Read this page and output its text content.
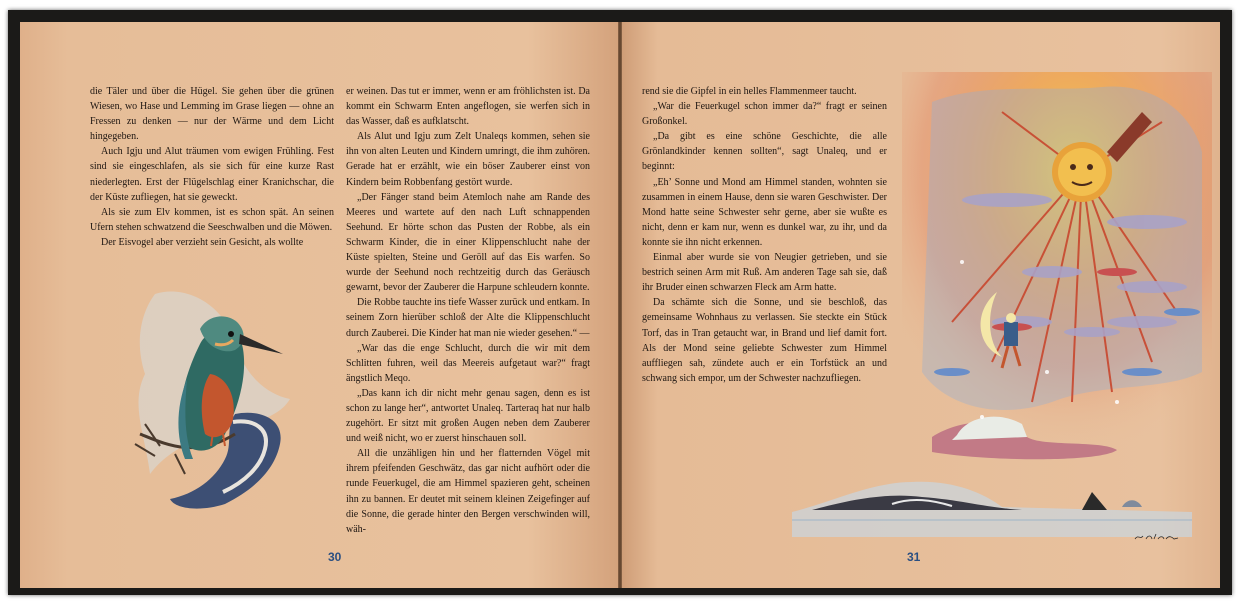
die Täler und über die Hügel. Sie gehen über die grünen Wiesen, wo Hase und Lemming im Grase liegen — ohne an Fressen zu denken — nur der Wärme und dem Licht hingegeben.

Auch Igju und Alut träumen vom ewigen Frühling. Fest sind sie eingeschlafen, als sie sich für eine kurze Rast niederlegten. Erst der Flügelschlag einer Kranichschar, die der Küste zufliegen, hat sie geweckt.

Als sie zum Elv kommen, ist es schon spät. An seinen Ufern stehen schwatzend die Seeschwalben und die Möwen.

Der Eisvogel aber verzieht sein Gesicht, als wollte

er weinen. Das tut er immer, wenn er am fröhlichsten ist. Da kommt ein Schwarm Enten angeflogen, sie werfen sich in das Wasser, daß es aufklatscht.

Als Alut und Igju zum Zelt Unaleqs kommen, sehen sie ihn von alten Leuten und Kindern umringt, die ihm zuhören. Gerade hat er erzählt, wie ein böser Zauberer einst von Kindern beim Robbenfang gestört wurde.

„Der Fänger stand beim Atemloch nahe am Rande des Meeres und wartete auf den nach Luft schnappenden Seehund. Er hörte schon das Pusten der Robbe, als ein Schwarm Kinder, die in einer Klippenschlucht nahe der Küste spielten, Steine und Geröll auf das Eis warfen. So wurde der Seehund noch rechtzeitig durch das Geräusch gewarnt, bevor der Zauberer die Harpune schleudern konnte.

Die Robbe tauchte ins tiefe Wasser zurück und entkam. In seinem Zorn hierüber schloß der Alte die Klippenschlucht durch Zauberei. Die Kinder hat man nie wieder gesehen.“ —

„War das die enge Schlucht, durch die wir mit dem Schlitten fuhren, weil das Meereis aufgetaut war?“ fragt ängstlich Meqo.

„Das kann ich dir nicht mehr genau sagen, denn es ist schon zu lange her“, antwortet Unaleq. Tarteraq hat nur halb zugehört. Er sitzt mit großen Augen neben dem Zauberer und weiß nicht, wo er zuerst hinschauen soll.

All die unzähligen hin und her flatternden Vögel mit ihrem pfeifenden Geschwätz, das gar nicht aufhört oder die runde Feuerkugel, die am Himmel spazieren geht, scheinen ihn zu bannen. Er deutet mit seinem kleinen Zeigefinger auf die Sonne, die gerade hinter den Bergen verschwinden will, wäh-

30

rend sie die Gipfel in ein helles Flammenmeer taucht.

„War die Feuerkugel schon immer da?“ fragt er seinen Großonkel.

„Da gibt es eine schöne Geschichte, die alle Grönlandkinder kennen sollten“, sagt Unaleq, und er beginnt:

„Eh’ Sonne und Mond am Himmel standen, wohnten sie zusammen in einem Hause, denn sie waren Geschwister. Der Mond hatte seine Schwester sehr gerne, aber sie wußte es nicht, denn er kam nur, wenn es dunkel war, zu ihr, und da konnte sie ihn nicht erkennen.

Einmal aber wurde sie von Neugier getrieben, und sie bestrich seinen Arm mit Ruß. Am anderen Tage sah sie, daß ihr Bruder einen schwarzen Fleck am Arm hatte.

Da schämte sich die Sonne, und sie beschloß, das gemeinsame Wohnhaus zu verlassen. Sie steckte ein Stück Torf, das in Tran getaucht war, in Brand und lief damit fort. Als der Mond seine geliebte Schwester zum Himmel auffliegen sah, zündete auch er ein Torfstück an und schwang sich empor, um der Schwester nachzufliegen.

31
